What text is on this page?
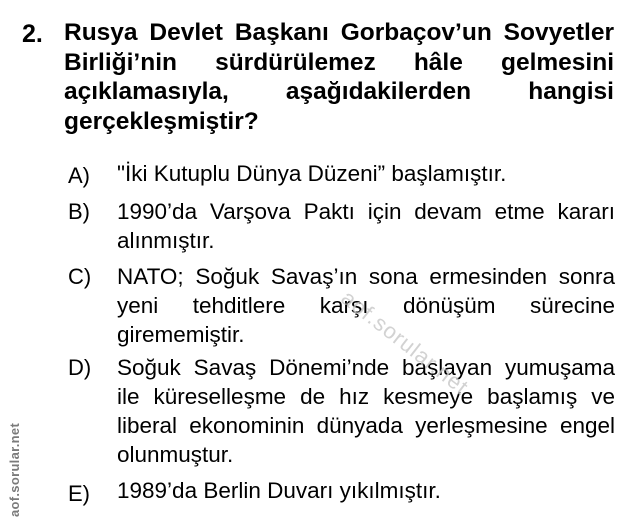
2. Rusya Devlet Başkanı Gorbaçov’un Sovyetler Birliği’nin sürdürülemez hâle gelmesini açıklamasıyla, aşağıdakilerden hangisi gerçekleşmiştir?
A) "İki Kutuplu Dünya Düzeni” başlamıştır.
B) 1990’da Varşova Paktı için devam etme kararı alınmıştır.
C) NATO; Soğuk Savaş’ın sona ermesinden sonra yeni tehditlere karşı dönüşüm sürecine girememiştir.
D) Soğuk Savaş Dönemi’nde başlayan yumuşama ile küreselleşme de hız kesmeye başlamış ve liberal ekonominin dünyada yerleşmesine engel olunmuştur.
E) 1989’da Berlin Duvarı yıkılmıştır.
aof.sorular.net
aof.sorular.net
